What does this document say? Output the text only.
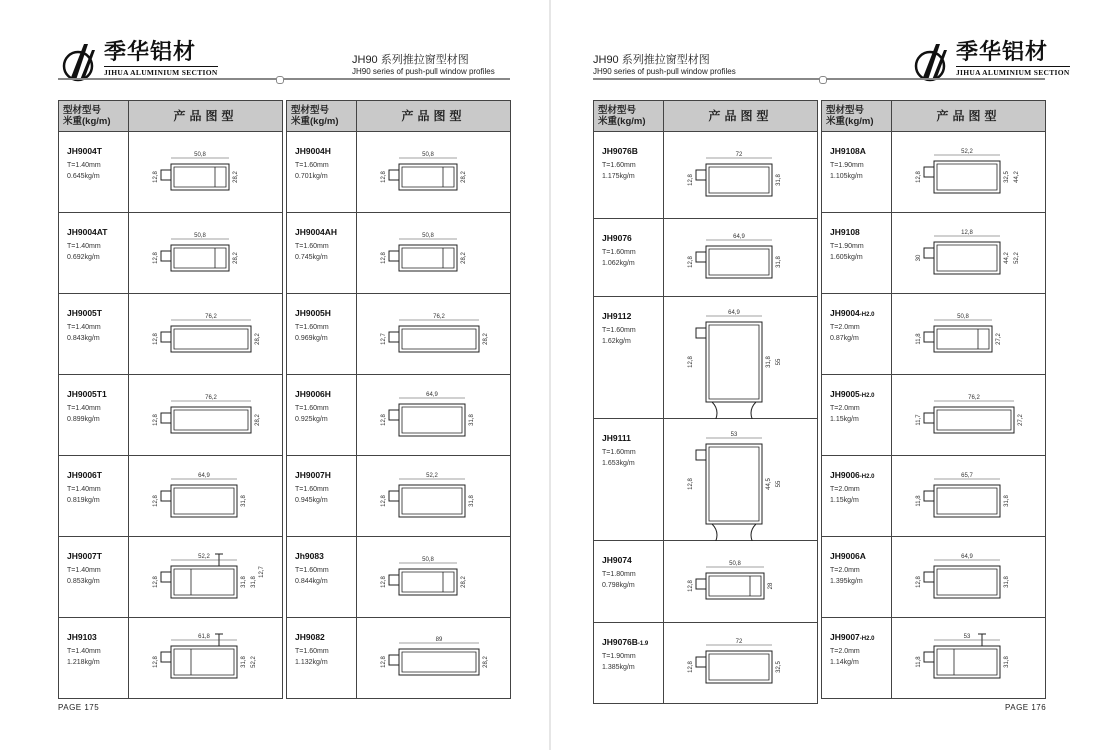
季华铝材
JIHUA ALUMINIUM SECTION
JH90 系列推拉窗型材图
JH90 series of push-pull window profiles
型材型号
米重(kg/m)	产品图型
JH9004T
T=1.40mm
0.645kg/m
50,8
12,8	28,2
JH9004AT
T=1.40mm
0.692kg/m
50,8
12,8	28,2
JH9005T
T=1.40mm
0.843kg/m
76,2
12,8	28,2
JH9005T1
T=1.40mm
0.899kg/m
76,2
12,8	28,2
JH9006T
T=1.40mm
0.819kg/m
64,9
12,8	31,8
JH9007T
T=1.40mm
0.853kg/m
52,2
12,8	31,8 31,8
12,7
JH9103
T=1.40mm
1.218kg/m
61,8
12,8	31,8 52,2
型材型号
米重(kg/m)	产品图型
JH9004H
T=1.60mm
0.701kg/m
50,8
12,8	28,2
JH9004AH
T=1.60mm
0.745kg/m
50,8
12,8	28,2
JH9005H
T=1.60mm
0.969kg/m
76,2
12,7	28,2
JH9006H
T=1.60mm
0.925kg/m
64,9
12,8	31,8
JH9007H
T=1.60mm
0.945kg/m
52,2
12,8	31,8
Jh9083
T=1.60mm
0.844kg/m
50,8
12,8	28,2
JH9082
T=1.60mm
1.132kg/m
89
12,8	28,2
PAGE 175
JH90 系列推拉窗型材图
JH90 series of push-pull window profiles
季华铝材
JIHUA ALUMINIUM SECTION
型材型号
米重(kg/m)	产品图型
JH9076B
T=1.60mm
1.175kg/m
72
12,8	31,8
JH9076
T=1.60mm
1.062kg/m
64,9
12,8	31,8
JH9112
T=1.60mm
1.62kg/m
64,9
12,8	31,8 55
JH9111
T=1.60mm
1.653kg/m
53
12,8	44,5 55
JH9074
T=1.80mm
0.798kg/m
50,8
12,8	28
JH9076B-1.9
T=1.90mm
1.385kg/m
72
12,8	32,5
型材型号
米重(kg/m)	产品图型
JH9108A
T=1.90mm
1.105kg/m
52,2
12,8	32,5 44,2
JH9108
T=1.90mm
1.605kg/m
12,8
30	44,2 52,2
JH9004-H2.0
T=2.0mm
0.87kg/m
50,8
11,8	27,2
JH9005-H2.0
T=2.0mm
1.15kg/m
76,2
11,7	27,2
JH9006-H2.0
T=2.0mm
1.15kg/m
65,7
11,8	31,8
JH9006A
T=2.0mm
1.395kg/m
64,9
12,8	31,8
JH9007-H2.0
T=2.0mm
1.14kg/m
53
11,8	31,8
PAGE 176
